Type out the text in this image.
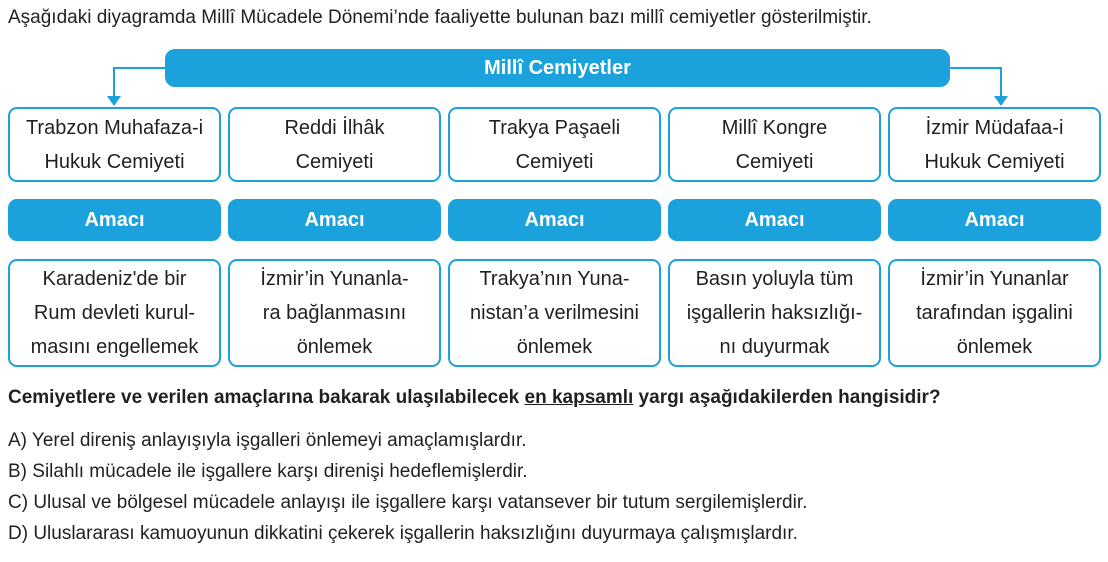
Aşağıdaki diyagramda Millî Mücadele Dönemi’nde faaliyette bulunan bazı millî cemiyetler gösterilmiştir.
Millî Cemiyetler
Trabzon Muhafaza-i
Hukuk Cemiyeti
Amacı
Karadeniz'de bir
Rum devleti kurul-
masını engellemek
Reddi İlhâk
Cemiyeti
Amacı
İzmir’in Yunanla-
ra bağlanmasını
önlemek
Trakya Paşaeli
Cemiyeti
Amacı
Trakya’nın Yuna-
nistan’a verilmesini
önlemek
Millî Kongre
Cemiyeti
Amacı
Basın yoluyla tüm
işgallerin haksızlığı-
nı duyurmak
İzmir Müdafaa-i
Hukuk Cemiyeti
Amacı
İzmir’in Yunanlar
tarafından işgalini
önlemek
Cemiyetlere ve verilen amaçlarına bakarak ulaşılabilecek en kapsamlı yargı aşağıdakilerden hangisidir?
A) Yerel direniş anlayışıyla işgalleri önlemeyi amaçlamışlardır.
B) Silahlı mücadele ile işgallere karşı direnişi hedeflemişlerdir.
C) Ulusal ve bölgesel mücadele anlayışı ile işgallere karşı vatansever bir tutum sergilemişlerdir.
D) Uluslararası kamuoyunun dikkatini çekerek işgallerin haksızlığını duyurmaya çalışmışlardır.
